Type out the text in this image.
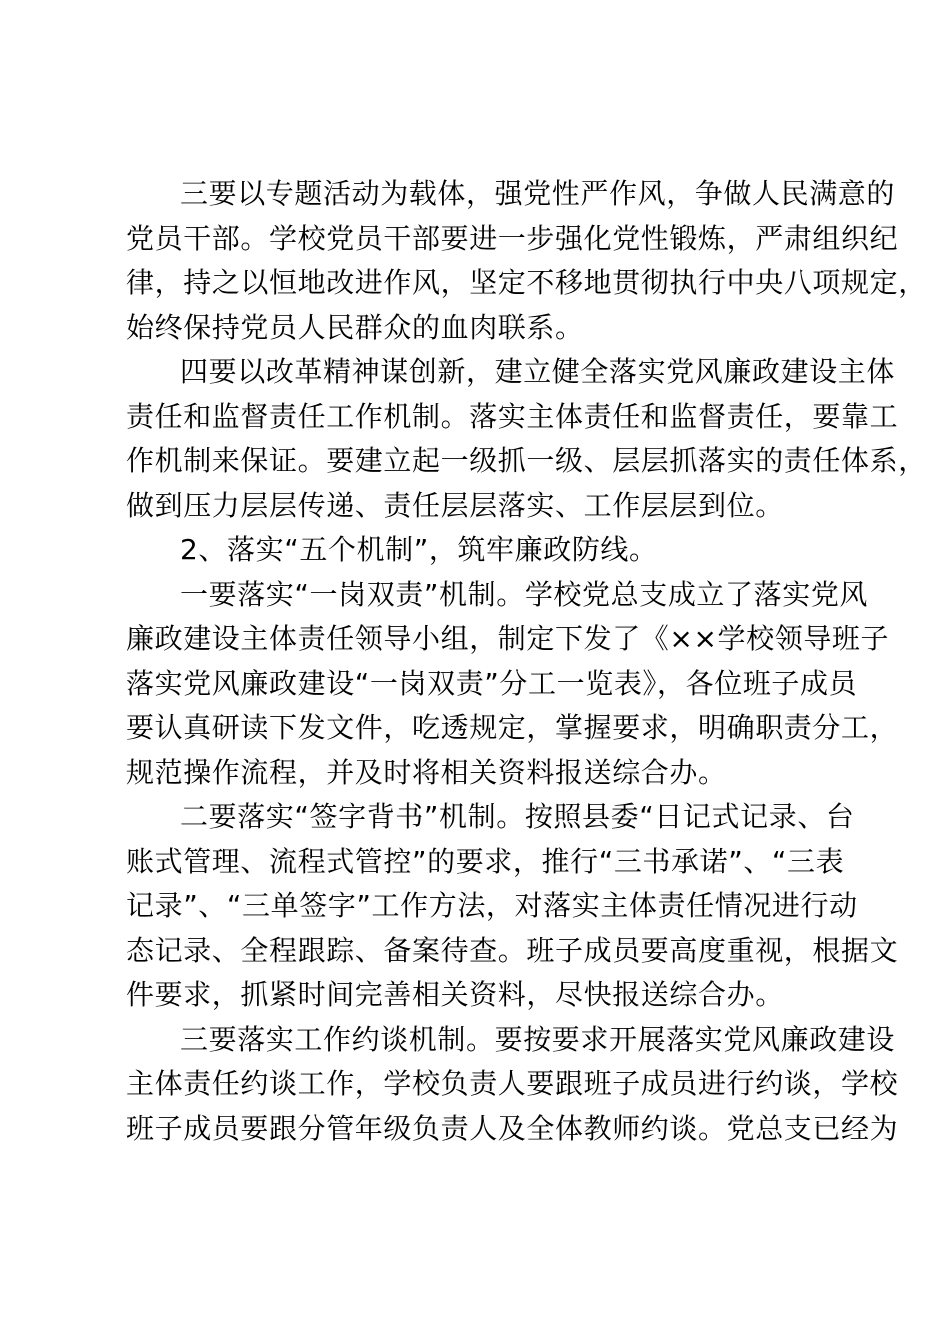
三要以专题活动为载体，强党性严作风，争做人民满意的
党员干部。学校党员干部要进一步强化党性锻炼，严肃组织纪
律，持之以恒地改进作风，坚定不移地贯彻执行中央八项规定，
始终保持党员人民群众的血肉联系。
四要以改革精神谋创新，建立健全落实党风廉政建设主体
责任和监督责任工作机制。落实主体责任和监督责任，要靠工
作机制来保证。要建立起一级抓一级、层层抓落实的责任体系，
做到压力层层传递、责任层层落实、工作层层到位。
2、落实“五个机制”，筑牢廉政防线。
一要落实“一岗双责”机制。学校党总支成立了落实党风
廉政建设主体责任领导小组，制定下发了《××学校领导班子
落实党风廉政建设“一岗双责”分工一览表》，各位班子成员
要认真研读下发文件，吃透规定，掌握要求，明确职责分工，
规范操作流程，并及时将相关资料报送综合办。
二要落实“签字背书”机制。按照县委“日记式记录、台
账式管理、流程式管控”的要求，推行“三书承诺”、“三表
记录”、“三单签字”工作方法，对落实主体责任情况进行动
态记录、全程跟踪、备案待查。班子成员要高度重视，根据文
件要求，抓紧时间完善相关资料，尽快报送综合办。
三要落实工作约谈机制。要按要求开展落实党风廉政建设
主体责任约谈工作，学校负责人要跟班子成员进行约谈，学校
班子成员要跟分管年级负责人及全体教师约谈。党总支已经为
